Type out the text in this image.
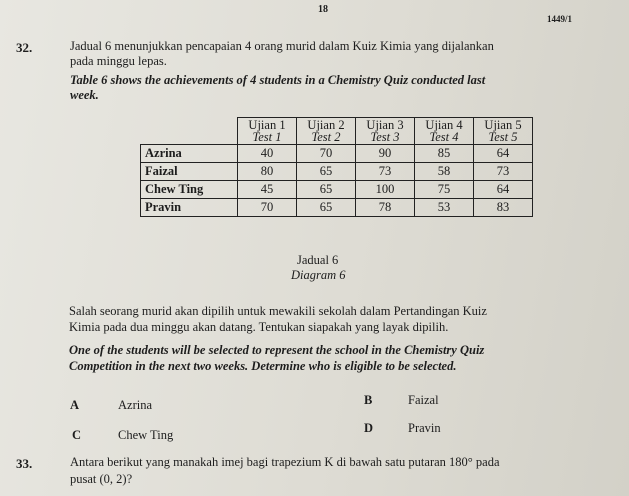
18
1449/1
32.	Jadual 6 menunjukkan pencapaian 4 orang murid dalam Kuiz Kimia yang dijalankan
pada minggu lepas.
Table 6 shows the achievements of 4 students in a Chemistry Quiz conducted last
week.

	Ujian 1
Test 1	Ujian 2
Test 2	Ujian 3
Test 3	Ujian 4
Test 4	Ujian 5
Test 5

Azrina	40	70	90	85	64
Faizal	80	65	73	58	73
Chew Ting	45	65	100	75	64
Pravin	70	65	78	53	83
Jadual 6
Diagram 6
Salah seorang murid akan dipilih untuk mewakili sekolah dalam Pertandingan Kuiz
Kimia pada dua minggu akan datang. Tentukan siapakah yang layak dipilih.
One of the students will be selected to represent the school in the Chemistry Quiz
Competition in the next two weeks. Determine who is eligible to be selected.
A	Azrina	B	Faizal
C	Chew Ting	D	Pravin
33.	Antara berikut yang manakah imej bagi trapezium K di bawah satu putaran 180° pada
pusat (0, 2)?
